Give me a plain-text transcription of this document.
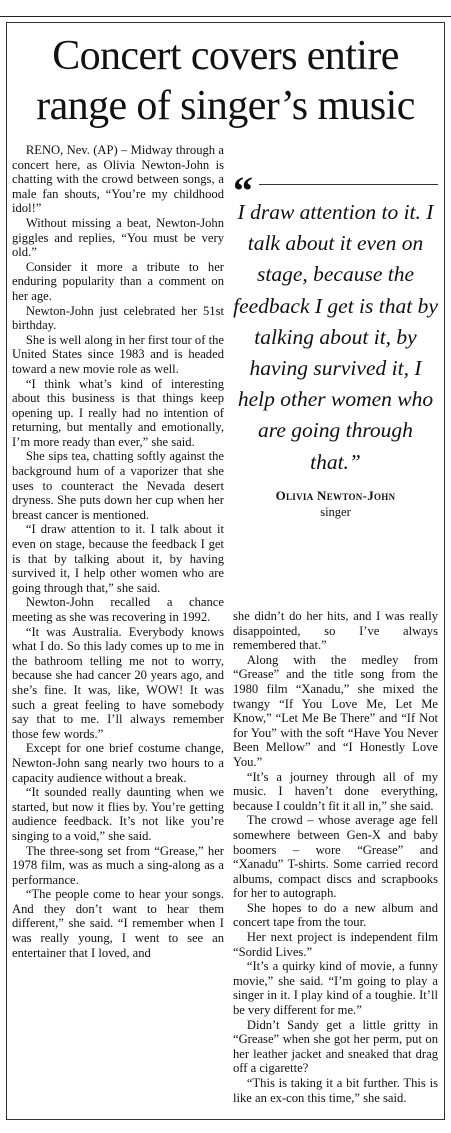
Concert covers entire
range of singer’s music

RENO, Nev. (AP) – Midway through a concert here, as Olivia Newton-John is chatting with the crowd between songs, a male fan shouts, “You’re my childhood idol!”

Without missing a beat, Newton-John giggles and replies, “You must be very old.”

Consider it more a tribute to her enduring popularity than a comment on her age.

Newton-John just celebrated her 51st birthday.

She is well along in her first tour of the United States since 1983 and is headed toward a new movie role as well.

“I think what’s kind of interesting about this business is that things keep opening up. I really had no intention of returning, but mentally and emotionally, I’m more ready than ever,” she said.

She sips tea, chatting softly against the background hum of a vaporizer that she uses to counteract the Nevada desert dryness. She puts down her cup when her breast cancer is mentioned.

“I draw attention to it. I talk about it even on stage, because the feedback I get is that by talking about it, by having survived it, I help other women who are going through that,” she said.

Newton-John recalled a chance meeting as she was recovering in 1992.

“It was Australia. Everybody knows what I do. So this lady comes up to me in the bathroom telling me not to worry, because she had cancer 20 years ago, and she’s fine. It was, like, WOW! It was such a great feeling to have somebody say that to me. I’ll always remember those few words.”

Except for one brief costume change, Newton-John sang nearly two hours to a capacity audience without a break.

“It sounded really daunting when we started, but now it flies by. You’re getting audience feedback. It’s not like you’re singing to a void,” she said.

The three-song set from “Grease,” her 1978 film, was as much a sing-along as a performance.

“The people come to hear your songs. And they don’t want to hear them different,” she said. “I remember when I was really young, I went to see an entertainer that I loved, and

“

I draw attention to it. I talk about it even on stage, because the feedback I get is that by talking about it, by having survived it, I help other women who are going through that.”

Olivia Newton-John
singer

she didn’t do her hits, and I was really disappointed, so I’ve always remembered that.”

Along with the medley from “Grease” and the title song from the 1980 film “Xanadu,” she mixed the twangy “If You Love Me, Let Me Know,” “Let Me Be There” and “If Not for You” with the soft “Have You Never Been Mellow” and “I Honestly Love You.”

“It’s a journey through all of my music. I haven’t done everything, because I couldn’t fit it all in,” she said.

The crowd – whose average age fell somewhere between Gen-X and baby boomers – wore “Grease” and “Xanadu” T-shirts. Some carried record albums, compact discs and scrapbooks for her to autograph.

She hopes to do a new album and concert tape from the tour.

Her next project is independent film “Sordid Lives.”

“It’s a quirky kind of movie, a funny movie,” she said. “I’m going to play a singer in it. I play kind of a toughie. It’ll be very different for me.”

Didn’t Sandy get a little gritty in “Grease” when she got her perm, put on her leather jacket and sneaked that drag off a cigarette?

“This is taking it a bit further. This is like an ex-con this time,” she said.
